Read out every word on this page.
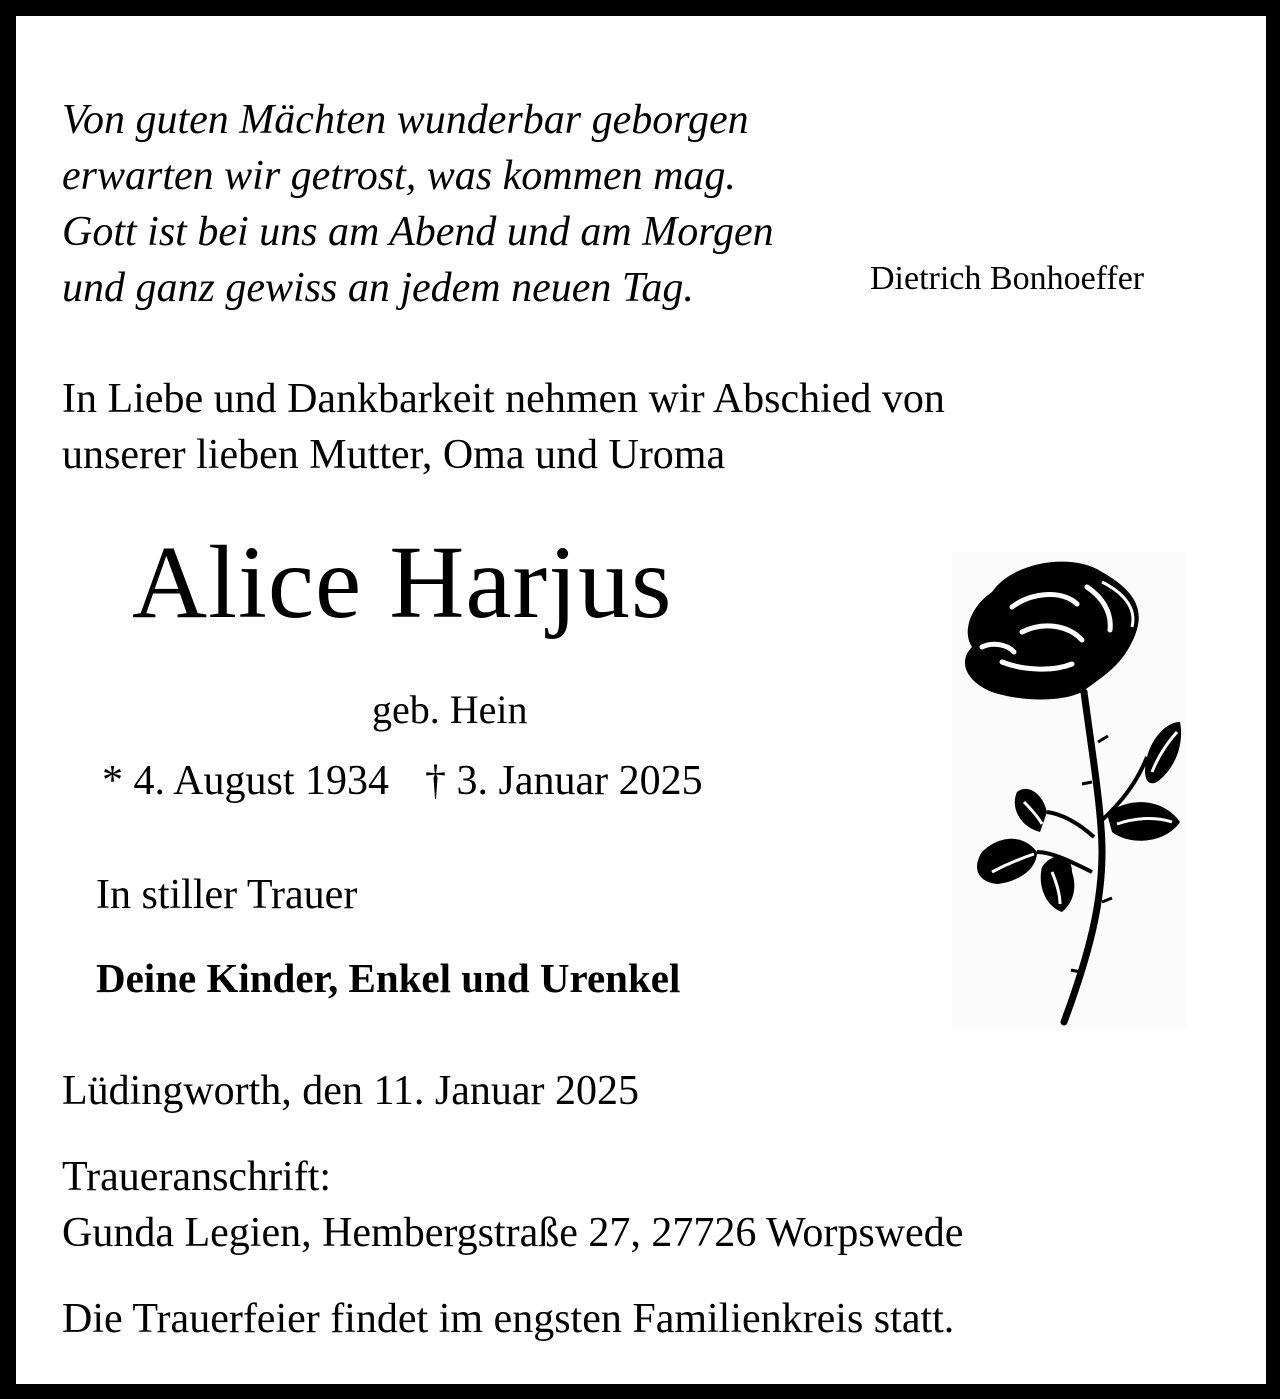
Von guten Mächten wunderbar geborgen
erwarten wir getrost, was kommen mag.
Gott ist bei uns am Abend und am Morgen
und ganz gewiss an jedem neuen Tag.	Dietrich Bonhoeffer
In Liebe und Dankbarkeit nehmen wir Abschied von
unserer lieben Mutter, Oma und Uroma
Alice Harjus
geb. Hein
* 4. August 1934 † 3. Januar 2025
In stiller Trauer
Deine Kinder, Enkel und Urenkel
Lüdingworth, den 11. Januar 2025
Traueranschrift:
Gunda Legien, Hembergstraße 27, 27726 Worpswede
Die Trauerfeier findet im engsten Familienkreis statt.
